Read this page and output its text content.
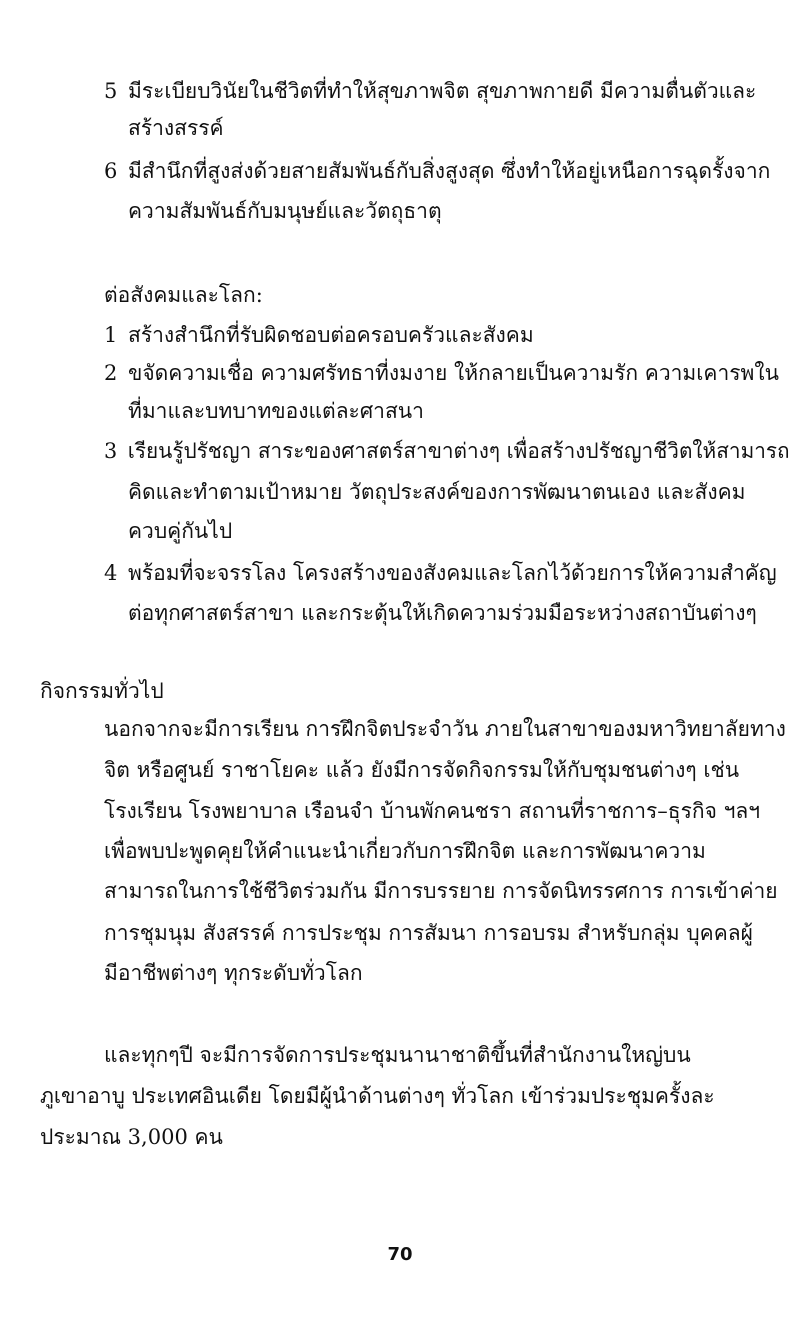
5 มีระเบียบวินัยในชีวิตที่ทำให้สุขภาพจิต สุขภาพกายดี มีความตื่นตัวและ
สร้างสรรค์
6 มีสำนึกที่สูงส่งด้วยสายสัมพันธ์กับสิ่งสูงสุด ซึ่งทำให้อยู่เหนือการฉุดรั้งจาก
ความสัมพันธ์กับมนุษย์และวัตถุธาตุ
ต่อสังคมและโลก:
1 สร้างสำนึกที่รับผิดชอบต่อครอบครัวและสังคม
2 ขจัดความเชื่อ ความศรัทธาที่งมงาย ให้กลายเป็นความรัก ความเคารพใน
ที่มาและบทบาทของแต่ละศาสนา
3 เรียนรู้ปรัชญา สาระของศาสตร์สาขาต่างๆ เพื่อสร้างปรัชญาชีวิตให้สามารถ
คิดและทำตามเป้าหมาย วัตถุประสงค์ของการพัฒนาตนเอง และสังคม
ควบคู่กันไป
4 พร้อมที่จะจรรโลง โครงสร้างของสังคมและโลกไว้ด้วยการให้ความสำคัญ
ต่อทุกศาสตร์สาขา และกระตุ้นให้เกิดความร่วมมือระหว่างสถาบันต่างๆ
กิจกรรมทั่วไป
นอกจากจะมีการเรียน การฝึกจิตประจำวัน ภายในสาขาของมหาวิทยาลัยทาง
จิต หรือศูนย์ ราชาโยคะ แล้ว ยังมีการจัดกิจกรรมให้กับชุมชนต่างๆ เช่น
โรงเรียน โรงพยาบาล เรือนจำ บ้านพักคนชรา สถานที่ราชการ–ธุรกิจ ฯลฯ
เพื่อพบปะพูดคุยให้คำแนะนำเกี่ยวกับการฝึกจิต และการพัฒนาความ
สามารถในการใช้ชีวิตร่วมกัน มีการบรรยาย การจัดนิทรรศการ การเข้าค่าย
การชุมนุม สังสรรค์ การประชุม การสัมนา การอบรม สำหรับกลุ่ม บุคคลผู้
มีอาชีพต่างๆ ทุกระดับทั่วโลก
และทุกๆปี จะมีการจัดการประชุมนานาชาติขึ้นที่สำนักงานใหญ่บน
ภูเขาอาบู ประเทศอินเดีย โดยมีผู้นำด้านต่างๆ ทั่วโลก เข้าร่วมประชุมครั้งละ
ประมาณ 3,000 คน
70
